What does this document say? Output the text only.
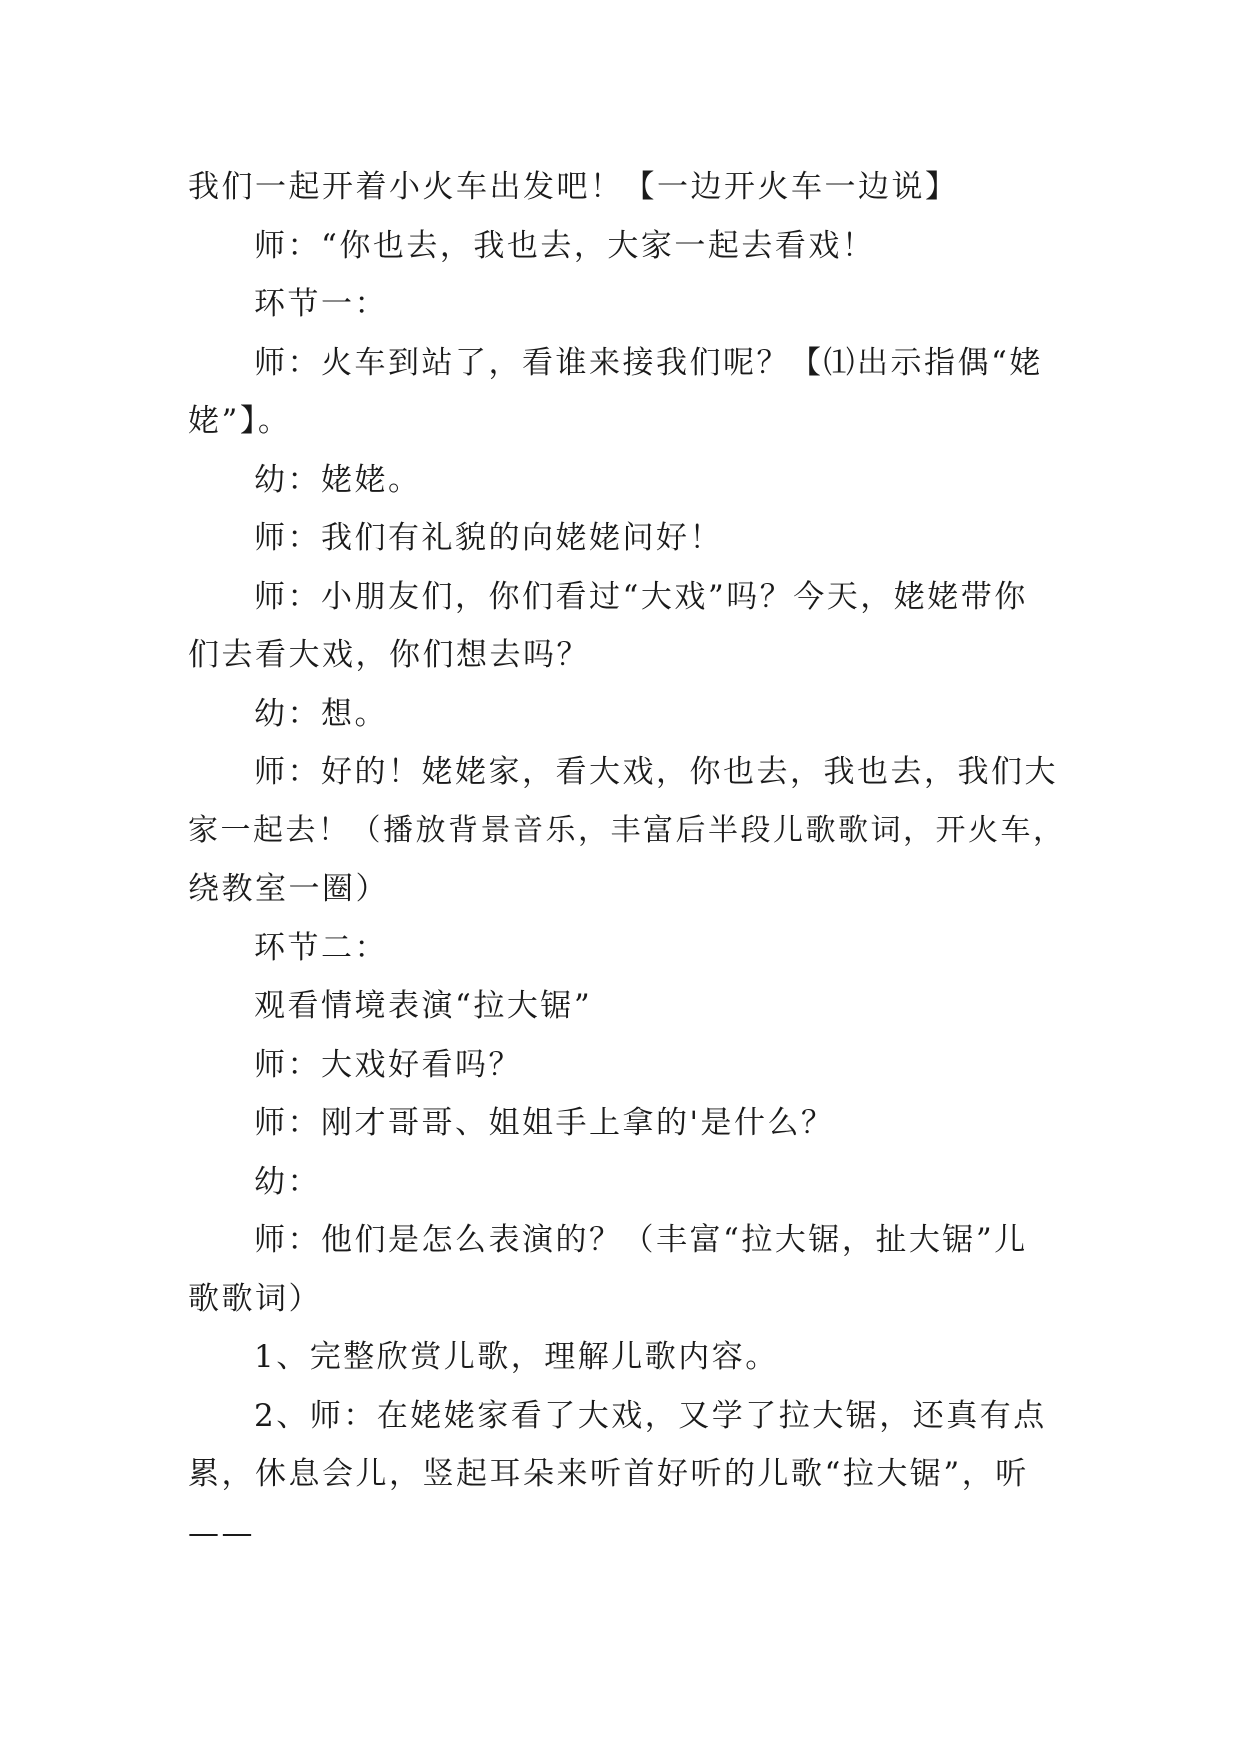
我们一起开着小火车出发吧！【一边开火车一边说】
师：“你也去，我也去，大家一起去看戏！
环节一：
师：火车到站了，看谁来接我们呢？【⑴出示指偶“姥
姥”】。
幼：姥姥。
师：我们有礼貌的向姥姥问好！
师：小朋友们，你们看过“大戏”吗？今天，姥姥带你
们去看大戏，你们想去吗？
幼：想。
师：好的！姥姥家，看大戏，你也去，我也去，我们大
家一起去！（播放背景音乐，丰富后半段儿歌歌词，开火车，
绕教室一圈）
环节二：
观看情境表演“拉大锯”
师：大戏好看吗？
师：刚才哥哥、姐姐手上拿的'是什么？
幼：
师：他们是怎么表演的？（丰富“拉大锯，扯大锯”儿
歌歌词）
1、完整欣赏儿歌，理解儿歌内容。
2、师：在姥姥家看了大戏，又学了拉大锯，还真有点
累，休息会儿，竖起耳朵来听首好听的儿歌“拉大锯”，听
——
